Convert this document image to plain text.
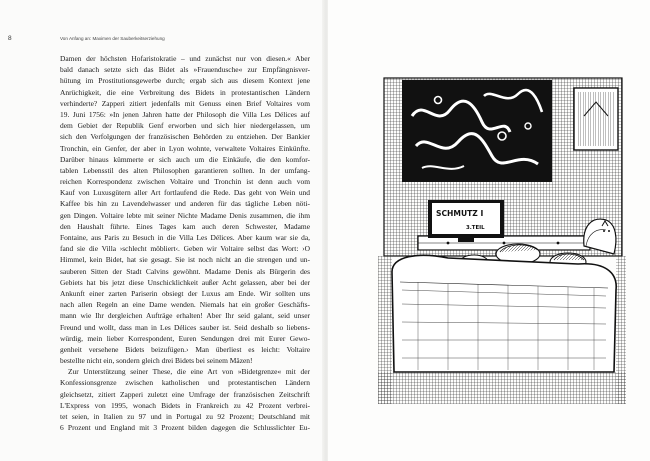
8	Von Anfang an: Maximen der Sauberkeitserziehung
Damen der höchsten Hofaristokratie – und zunächst nur von diesen.« Aber
bald danach setzte sich das Bidet als »Frauendusche« zur Empfängnisver-
hütung im Prostitutionsgewerbe durch; ergab sich aus diesem Kontext jene
Anrüchigkeit, die eine Verbreitung des Bidets in protestantischen Ländern
verhinderte? Zapperi zitiert jedenfalls mit Genuss einen Brief Voltaires vom
19. Juni 1756: »In jenen Jahren hatte der Philosoph die Villa Les Délices auf
dem Gebiet der Republik Genf erworben und sich hier niedergelassen, um
sich den Verfolgungen der französischen Behörden zu entziehen. Der Bankier
Tronchin, ein Genfer, der aber in Lyon wohnte, verwaltete Voltaires Einkünfte.
Darüber hinaus kümmerte er sich auch um die Einkäufe, die den komfor-
tablen Lebensstil des alten Philosophen garantieren sollten. In der umfang-
reichen Korrespondenz zwischen Voltaire und Tronchin ist denn auch vom
Kauf von Luxusgütern aller Art fortlaufend die Rede. Das geht von Wein und
Kaffee bis hin zu Lavendelwasser und anderen für das tägliche Leben nöti-
gen Dingen. Voltaire lebte mit seiner Nichte Madame Denis zusammen, die ihm
den Haushalt führte. Eines Tages kam auch deren Schwester, Madame
Fontaine, aus Paris zu Besuch in die Villa Les Délices. Aber kaum war sie da,
fand sie die Villa ›schlecht möbliert‹. Geben wir Voltaire selbst das Wort: ›O
Himmel, kein Bidet, hat sie gesagt. Sie ist noch nicht an die strengen und un-
sauberen Sitten der Stadt Calvins gewöhnt. Madame Denis als Bürgerin des
Gebiets hat bis jetzt diese Unschicklichkeit außer Acht gelassen, aber bei der
Ankunft einer zarten Pariserin obsiegt der Luxus am Ende. Wir sollten uns
nach allen Regeln an eine Dame wenden. Niemals hat ein großer Geschäfts-
mann wie Ihr dergleichen Aufträge erhalten! Aber Ihr seid galant, seid unser
Freund und wollt, dass man in Les Délices sauber ist. Seid deshalb so liebens-
würdig, mein lieber Korrespondent, Euren Sendungen drei mit Eurer Gewo-
genheit versehene Bidets beizufügen.› Man überliest es leicht: Voltaire
bestellte nicht ein, sondern gleich drei Bidets bei seinem Mäzen!
Zur Unterstützung seiner These, die eine Art von »Bidetgrenze« mit der
Konfessionsgrenze zwischen katholischen und protestantischen Ländern
gleichsetzt, zitiert Zapperi zuletzt eine Umfrage der französischen Zeitschrift
L'Express von 1995, wonach Bidets in Frankreich zu 42 Prozent verbrei-
tet seien, in Italien zu 97 und in Portugal zu 92 Prozent; Deutschland mit
6 Prozent und England mit 3 Prozent bilden dagegen die Schlusslichter Eu-
SCHMUTZ I
3.TEIL
